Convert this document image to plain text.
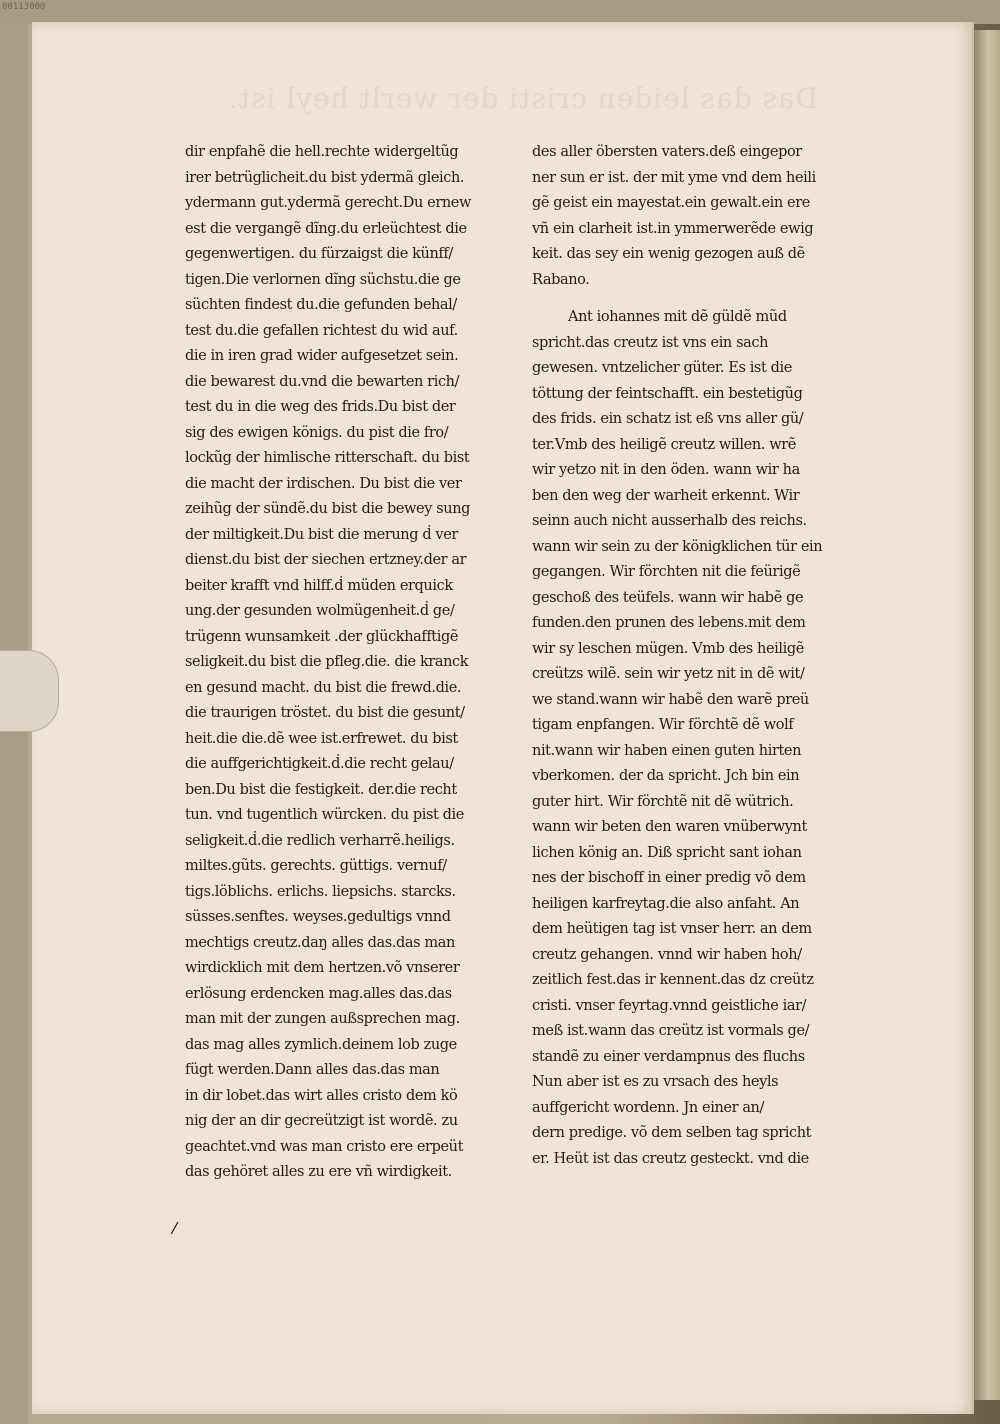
00113000
Das das leiden cristi der werlt heyl ist.
dir enpfahẽ die hell.rechte widergeltũg
irer betrüglicheit.du bist ydermã gleich.
ydermann gut.ydermã gerecht.Du ernew
est die vergangẽ dĩng.du erleüchtest die
gegenwertigen. du fürzaigst die künff/
tigen.Die verlornen dĩng süchstu.die ge
süchten findest du.die gefunden behal/
test du.die gefallen richtest du wid auf.
die in iren grad wider aufgesetzet sein.
die bewarest du.vnd die bewarten rich/
test du in die weg des frids.Du bist der
sig des ewigen königs. du pist die fro/
lockũg der himlische ritterschaft. du bist
die macht der irdischen. Du bist die ver
zeihũg der sündẽ.du bist die bewey sung
der miltigkeit.Du bist die merung ḋ ver
dienst.du bist der siechen ertzney.der ar
beiter krafft vnd hilff.ḋ müden erquick
ung.der gesunden wolmügenheit.ḋ ge/
trügenn wunsamkeit .der glückhafftigẽ
seligkeit.du bist die pfleg.die. die kranck
en gesund macht. du bist die frewd.die.
die traurigen tröstet. du bist die gesunt/
heit.die die.dẽ wee ist.erfrewet. du bist
die auffgerichtigkeit.ḋ.die recht gelau/
ben.Du bist die festigkeit. der.die recht
tun. vnd tugentlich würcken. du pist die
seligkeit.ḋ.die redlich verharrẽ.heiligs.
miltes.gũts. gerechts. güttigs. vernuf/
tigs.löblichs. erlichs. liepsichs. starcks.
süsses.senftes. weyses.gedultigs vnnd
mechtigs creutz.daŋ alles das.das man
wirdicklich mit dem hertzen.võ vnserer
erlösung erdencken mag.alles das.das
man mit der zungen außsprechen mag.
das mag alles zymlich.deinem lob zuge
fügt werden.Dann alles das.das man
in dir lobet.das wirt alles cristo dem kö
nig der an dir gecreützigt ist wordẽ. zu
geachtet.vnd was man cristo ere erpeüt
das gehöret alles zu ere vñ wirdigkeit.
des aller öbersten vaters.deß eingepor
ner sun er ist. der mit yme vnd dem heili
gẽ geist ein mayestat.ein gewalt.ein ere
vñ ein clarheit ist.in ymmerwerẽde ewig
keit. das sey ein wenig gezogen auß dẽ
Rabano.
Ant iohannes mit dẽ güldẽ mũd
spricht.das creutz ist vns ein sach
gewesen. vntzelicher güter. Es ist die
töttung der feintschafft. ein bestetigũg
des frids. ein schatz ist eß vns aller gü/
ter.Vmb des heiligẽ creutz willen. wrẽ
wir yetzo nit in den öden. wann wir ha
ben den weg der warheit erkennt. Wir
seinn auch nicht ausserhalb des reichs.
wann wir sein zu der königklichen tür ein
gegangen. Wir förchten nit die feürigẽ
geschoß des teüfels. wann wir habẽ ge
funden.den prunen des lebens.mit dem
wir sy leschen mügen. Vmb des heiligẽ
creützs wilẽ. sein wir yetz nit in dẽ wit/
we stand.wann wir habẽ den warẽ preü
tigam enpfangen. Wir förchtẽ dẽ wolf
nit.wann wir haben einen guten hirten
vberkomen. der da spricht. Jch bin ein
guter hirt. Wir förchtẽ nit dẽ wütrich.
wann wir beten den waren vnüberwynt
lichen könig an. Diß spricht sant iohan
nes der bischoff in einer predig võ dem
heiligen karfreytag.die also anfaht. An
dem heütigen tag ist vnser herr. an dem
creutz gehangen. vnnd wir haben hoh/
zeitlich fest.das ir kennent.das dz creütz
cristi. vnser feyrtag.vnnd geistliche iar/
meß ist.wann das creütz ist vormals ge/
standẽ zu einer verdampnus des fluchs
Nun aber ist es zu vrsach des heyls
auffgericht wordenn. Jn einer an/
dern predige. võ dem selben tag spricht
er. Heüt ist das creutz gesteckt. vnd die
/
